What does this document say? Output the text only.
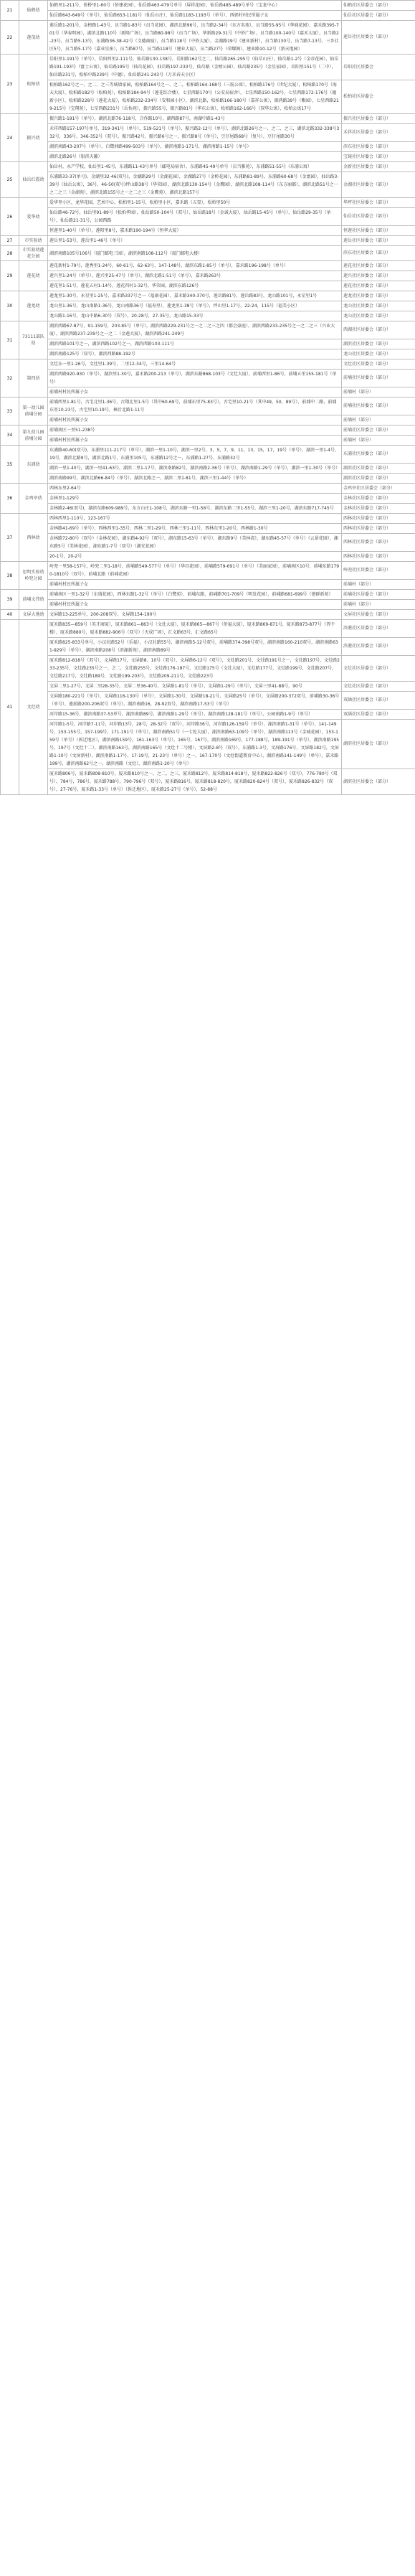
21	仙鹤幼	仙鹤里1-211号，侨桥里1-60号（侨建花园），仙岳路463-479号单号（屏祥花园），仙岳路485-489号单号（宝龙中心）	仙鹤社区居委会（部分）
		仙岳路643-649号（单号），仙岳路653-1181号（仙岳山庄），仙岳路1183-1193号（单号），西郭村村民所属子女	仙岳社区居委会（部分）
22	莲茂幼	莲岳路1-201号，金榜路1-43号，员当路1-83号（员当花园），湖滨北路96号，员当路2-34号（东方名苑），员当路55-95号（华商花园），嘉禾路395-701号（华泰明园），湖滨北路110号（新隆广场），员当路80-98号（员当广场），华新路29-31号（中侨广场），员当路100-140号（嘉禾大厦），员当路2-23号，员当路5-13号，东浦路36-38-42号（文德商厦），员当路118号（中侨大厦），金湖路19号（建业新村），员当路130号，员当路7-13号，三乡社区5号，员当路5-17号（嘉业星座），员当路87号，员当路118号（建业大厦），员当路27号（荣耀阁），建业路10-12号（新天地园）	莲岳社区居委会（部分）
23	松柏幼	岳阳里1-191号（单号），岳阳西里2-111号，仙岳路130-138号，岳阳路162号之二，仙岳路265-295号（仙岳山庄），仙岳路1-2号（金帝花园），仙岳路191-193号（富士公寓），仙岳路195号（仙岳花园），仙岳路197-233号，仙岳路（金榜公园），仙岳路235号（金星家园），岳阳里151号（二中），仙岳路231号，松柏中路239号（中德），仙岳路241-243号（万禾春天小区）	岳阳社区居委会
		松柏路162号之一、之二、之三等城墙家园，松柏路164号之一、之二，松柏路164-168号（三航公寓），松柏路176号（世纪大厦），松柏路170号（海天大厦），松柏路182号（松柏苑），松柏路184-94号（莲花综合楼），七星西路170号（公安局宿舍），七星西路150-162号，七星西路172-176号（德新小区），松柏路228号（莲花大厦），松柏路232-234号（安和园小区），湖滨北路，松柏路166-180号（嘉祥公寓），振鸿路39号（紫园），七星西路219-215号（宝翔苑），七星西路231号（岳怡苑），振兴路55号，振兴路81号（华东公寓），松柏路162-166号（双华公寓），松柏公寓17号	松柏社区居委会
24	振兴幼	振兴路1-191号（单号），湖滨北路76-118号，合作路10号，湖西路87号，南湖中路1-43号	振兴社区居委会（部分）
		禾祥西路157-197号单号，319-341号（单号），519-521号（单号），振兴路2-12号（单号），湖滨北路26号之一、之二、之三，湖滨北路332-338号332号，336号，346-352号（双号），振兴路42号，振兴路6号之一，振兴路8号（单号），豆仔尾路68号（复号），豆仔尾路30号	禾祥社区居委会（部分）
		湖滨南路43-207号（单号），白鹭洲路499-503号（单号），湖滨南路1-171号，湖滨南路1-15号（单号）	滨东社区居委会（部分）
		湖滨北路26号（银滨天籁）	宝镜社区居委会（部分）
25	仙岳红霞幼	仙岳村，永产学校，仙岳里1-45号，东浦路11-43号单号（邮电局宿舍），东浦路45-49号单号（员当雅苑），东浦路51-55号（东浦公寓）	金新社区居委会（部分）
		东浦路33-37(单号)，金湖里32-46(双号)，金湖路29号（金湖花园），金湖路27号（金桥花园），东浦路81-89号，东浦路60-68号（金富园），仙岳路3-39号（仙岳公寓），36号，46-50(双号)坪山路38号（华荣园），湖滨北路130-154号（金鹰园），湖滨北路108-114号（东方丽都），湖滨北路51号之一之二之三（金湖苑），湖滨北路155号之一之二之三（金鹰苑），湖滨北路157号	金湖社区居委会（部分）
26	爱华幼	爱华里小区，龙华花园，艺术中心，松柏里1-15号，松柏里小区，嘉禾路（五显），松柏里50号	华坪社区居委会（部分）
		仙岳路46-72号，仙岳里91-89号（松柏华园），仙岳路50-104号（双号），仙岳路18号（金诚大厦），仙岳路15-45号（单号），仙岳路29-35号（单号），仙岳路21-31号，公园西路	仙岳社区居委会（部分）
		恒莲里1-40号（单号），莲阳里8号，嘉禾路190-194号（恒华大厦）	恒莲社区居委会（部分）
27	市实验幼	莲岳里1-53号，莲岳里1-46号（单号）	莲岳社区居委会（部分）
28	市实验幼莲花分园	湖滨南路105号106号（厦门邮电三园），湖滨南路108-112号（厦门邮电大楼）	滨东社区居委会（部分）
29	莲花幼	莲花新村1-79号，莲秀里1-24号，60-61号，62-63号，147-148号，湖滨东路1-85号（单号），嘉禾路196-198号（单号）	莲花社区居委会（部分）
		莲兴里1-24号（单号），莲兴里25-47号（单号），湖滨北路1-51号（单号），嘉禾路263号	莲兴社区居委会（部分）
		莲花里1-51号，莲花五村1-14号，莲花四村1-32号，华荣园，湖滨东路126号	莲花社区居委会（部分）
30	莲龙幼	莲龙里1-30号，永星里1-25号，嘉禾路337号之一（福康花园），嘉禾路340-370号，莲岳路81号，莲岳路83号，龙山路101号，永星里1号	莲龙社区居委会（部分）
		龙山里1-36号，龙山南路1-36号，龙山南路36号（福寿里），莲龙里1-38号（单号），坪山里1-17号，22-24，115号（福美小区）	龙山社区居委会（部分）
		龙山路1-16号，龙山中路6-30号（双号），20-28号，27-35号，龙山路15-33号	龙山社区居委会（部分）
31	73111部队幼	湖滨西路67-87号，91-159号，203-85号（单号），湖滨西路229-231号之一之二之三之四（都会豪庭），湖滨西路233-235号之一之二之三（兴业大厦），湖滨西路237-239号之一之二（金莲大厦），湖滨西路241-249号	西湖社区居委会（部分）
		湖滨西路101号之一，湖滨西路102号之一，湖滨西路103-111号	湖滨社区居委会（部分）
		湖滨南路125号（双号），湖滨西路88-192号	龙山社区居委会（部分）
32	第四幼	文灶东一里1-26号，文灶里1-39号，二里12-34号，三里14-64号	文灶社区居委会（部分）
		湖滨西路920-930（单号），湖滨里1-30号，嘉禾路200-213（单号），湖滨东路868-103号（文灶大厦），前埔西里1-86号，前埔五里155-181号（单号）	前埔社区居委会（部分）
		前埔村村民所属子女	前埔村（部分）
33	第一幼儿园前埔分园	前埔西里1-81号，古宅北里1-36号，古翔北里1-5号（其中60-69号，前埔东里75-83号），古宅里10-21号（其中49，50，89号），前埔中二路，前埔东里10-23号，古宅里10-19号，林后北路1-11号	前埔社区居委会（部分）
		前埔村村民所属子女	前埔村（部分）
34	第九幼儿园前埔分园	前埔南区一里51-238号	前埔社区居委会（部分）
		前埔村村民所属子女	前埔村（部分）
35	东浦幼	东浦路40-60(双号)，东浦里111-217号（单号），湖滨一里1-10号，湖滨一里2号，3，5，7，9，11，13，15，17，19号（单号），湖滨一里1-4号，19号，湖滨北路9号，湖滨北路1号，东浦里105号，东浦路12号之一，东浦路1-27号，东浦路32号	东浦社区居委会（部分）
		湖滨一里1-40号，湖滨一里41-63号，湖滨二里1-17号，湖滨南路82号，湖滨南路2-36号（单号），湖滨南路1-29号（单号），湖滨一里1-30号（单号）	湖滨社区居委会（部分）
		湖滨南路99号，湖滨北路66-84号（单号），湖滨北路之一，湖滨二里1-81号，湖滨三里1-44号（单号）	湖滨社区居委会（部分）
36	金鸡亭幼	西林东里2-64号	金鸡亭社区居委会（部分）
		金林里1-129号	金林社区居委会（部分）
		金林路2-46(双号)，湖滨东路609-989号，东方山庄1-108号，湖滨东路一里1-56号，湖滨东路二里1-55号，湖滨三里1-20号，湖滨东路717-745号	金林社区居委会（部分）
37	西林幼	西林西里1-110号，123-167号	西林社区居委会（部分）
		金林路41-69号（单号），西林西里1-35号，西林二里1-29号，西林三里1-11号，西林东里1-20号，西林路1-30号	西林社区居委会（部分）
		金林路72-80号（双号）（金林花园），湖东路4-92号（双号），湖东路15-63号（单号），湖东路9号（美林湾），湖东路45-57号（单号）（云景花园），湖东路5号（美林花园），湖东路1-7号（双号）（湖光花园）	西林社区居委会（部分）
		20-1号，20-2号	西林社区居委会（部分）
38	思明实验幼岭兜分园	岭兜一里58-157号，岭兜二里1-18号，前埔路549-577号（单号）（华昌花园），前埔路579-691号（单号）（美丽家园），前埔南区10号，前埔东路1790-1810号（双号），前埔北路（前埔花园）	岭兜社区居委会（部分）
		前埔村村民所属子女	前埔村（部分）
39	前埔文伟幼	前埔南区一里1-32号（东盛花园），西林东路1-32号（单号）（白鹭苑），前埔东路，前埔路701-709号（明发花园），前埔路681-699号（建群新苑）	前埔社区居委会（部分）
		前埔村村民所属子女	前埔村（部分）
40	文屏大地幼	文屏路13-225单号，200-208双号，文屏路154-190号	文屏社区居委会（部分）
41	文灶幼	厦禾路835—859号（英才商厦），厦禾路861—863号（文灶大厦），厦禾路865—867号（侨福大厦），厦禾路869-871号，厦禾路873-877号（晋中楼），厦禾路880号，厦禾路882-906号（双号）（天成广场），汇文路63号，汇文路65号	滨港社区居委会（部分）
		厦禾路825-833号单号，小汉社路52号（乐福），小汉社路55号，湖滨南路5-12号双号，前埔路374-398号双号，湖滨南路160-210双号，湖滨南路631-929号（单号），湖滨南路208号（滨湖新苑），湖滨南路89号	滨港社区居委会（部分）
		厦禾路812-818号（双号），文屏路17号，文屏路8、10号（双号），文屏路6-12号（双号），文灶路201号，文灶路191号之一，文灶路197号，文灶路233-235号，文灶路235号之一、之二，文灶路255号，文灶路176-187号，文灶路175号（文灶大厦），文灶路177号，文灶路199号，文灶路207号，文灶路217号，文灶路189号，文灶路199-203号，文灶路209-211号，文灶路223号	文灶社区居委会（部分）
		文屏二里1-27号，文屏二里28-35号，文屏二里36-40号，文屏路1-81号（单号），文屏路1-29号（单号），文屏三里41-88号，90号	文灶社区居委会（部分）
		文屏路180-221号（单号），文屏路116-130号（单号），文屏路1-30号，文屏路18-21号，文屏路25号（单号），文屏路200-372双号，前埔路30-36号（单号），莲前路200-206双号（单号），湖滨南路16，28-92双号，湖滨南路17-53号（单号）	双涵社区居委会（部分）
		河岸路15-36号，湖滨南路37-53单号，湖滨南路89号，湖滨南路1-29号（单号），湖滨南路128-181号（单号），公园南路1-9号（单号）	双涵社区居委会（部分）
		河岸路1-5号，河岸路7-11号，河岸路13号，28号，28-32号（双号），河岸路36号，河岸路126-159号（单号），湖滨南路1-31号（单号），141-149号，153-155号，157-199号，171-191号（单号），湖滨南路51号（一七佐大厦），湖滨南路63-109号（单号），湖滨南路113号（金城花园），153-159号（单号）（拆迁地区），湖滨南路159号，161-163号（单号），165号，167号，湖滨南路169号，177-188号，189-191号（单号），湖滨南路195号，197号（文灶十二），湖滨南路163号，湖滨南路165号（文灶十二号楼），文屏路2-8号（双号），东浦路1-3号，文屏路176号，文屏路182号，文屏路1-10号（文屏新村），湖滨南路1-17号，17-19号，21-23号（单号）之一，167-170号（文灶街道教育中心），湖滨南路141-149号（单号），嘉禾路199号，湖滨南路62号之一，湖滨南路（文灶），湖滨南路1-20号（单号）	湖滨社区居委会（部分）
		厦禾路806号，厦禾路808-810号，厦禾路810号之一，之二，之三，厦禾路812号，厦禾路814-818号，厦禾路822-826号（双号），776-780号（双号），784号，786号，厦禾路788号，790-796号（双号），厦禾路816号，厦禾路818-820号，厦禾路820-824号（双号），厦禾路826-832号（双号），27-76号，厦禾路1-33号（单号）（拆迁地区），厦禾路25-27号（单号），52-88号	湖滨社区居委会（部分）
